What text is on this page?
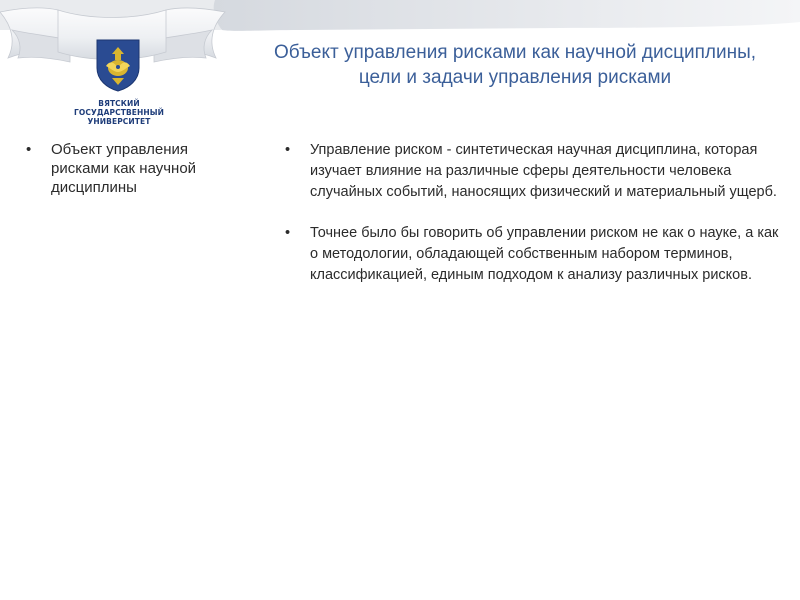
ВЯТСКИЙ
ГОСУДАРСТВЕННЫЙ
УНИВЕРСИТЕТ
Объект управления рисками как научной дисциплины, цели и задачи управления рисками
• Объект управления рисками как научной дисциплины
• Управление риском - синтетическая научная дисциплина, которая изучает влияние на различные сферы деятельности человека случайных событий, наносящих физический и материальный ущерб.
• Точнее было бы говорить об управлении риском не как о науке, а как о методологии, обладающей собственным набором терминов, классификацией, единым подходом к анализу различных рисков.
